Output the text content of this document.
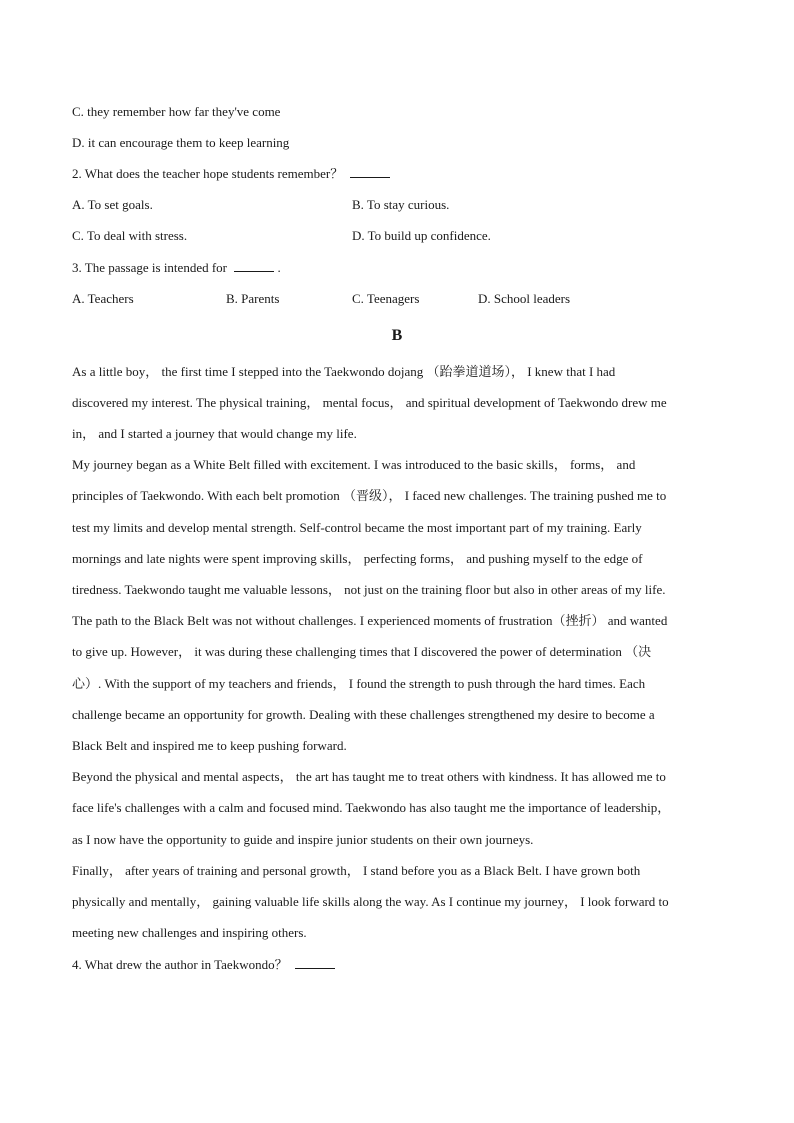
C. they remember how far they've come
D. it can encourage them to keep learning
2. What does the teacher hope students remember？
A. To set goals.	B. To stay curious.
C. To deal with stress.	D. To build up confidence.
3. The passage is intended for	.
A. Teachers	B. Parents	C. Teenagers	D. School leaders
B
As a little boy， the first time I stepped into the Taekwondo dojang （跆拳道道场）， I knew that I had
discovered my interest. The physical training， mental focus， and spiritual development of Taekwondo drew me
in， and I started a journey that would change my life.
My journey began as a White Belt filled with excitement. I was introduced to the basic skills， forms， and
principles of Taekwondo. With each belt promotion （晋级）， I faced new challenges. The training pushed me to
test my limits and develop mental strength. Self-control became the most important part of my training. Early
mornings and late nights were spent improving skills， perfecting forms， and pushing myself to the edge of
tiredness. Taekwondo taught me valuable lessons， not just on the training floor but also in other areas of my life.
The path to the Black Belt was not without challenges. I experienced moments of frustration（挫折） and wanted
to give up. However， it was during these challenging times that I discovered the power of determination （决
心）. With the support of my teachers and friends， I found the strength to push through the hard times. Each
challenge became an opportunity for growth. Dealing with these challenges strengthened my desire to become a
Black Belt and inspired me to keep pushing forward.
Beyond the physical and mental aspects， the art has taught me to treat others with kindness. It has allowed me to
face life's challenges with a calm and focused mind. Taekwondo has also taught me the importance of leadership，
as I now have the opportunity to guide and inspire junior students on their own journeys.
Finally， after years of training and personal growth， I stand before you as a Black Belt. I have grown both
physically and mentally， gaining valuable life skills along the way. As I continue my journey， I look forward to
meeting new challenges and inspiring others.
4. What drew the author in Taekwondo？
